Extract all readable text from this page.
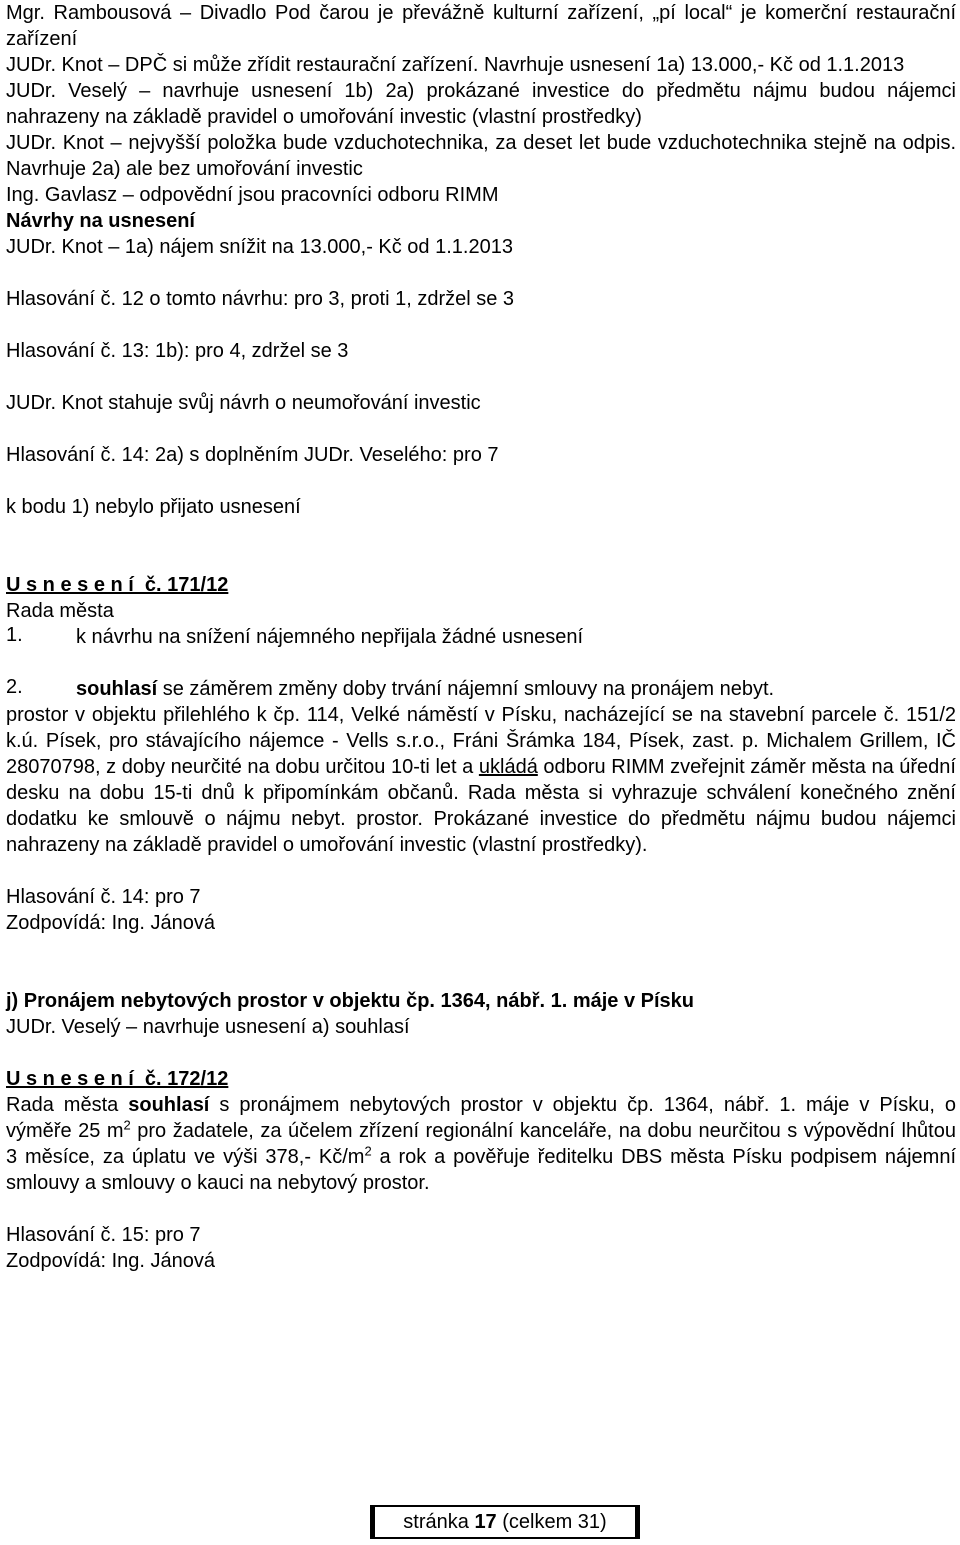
Mgr. Rambousová – Divadlo Pod čarou je převážně kulturní zařízení, „pí local“ je komerční restaurační zařízení

JUDr. Knot – DPČ si může zřídit restaurační zařízení. Navrhuje usnesení 1a) 13.000,- Kč od 1.1.2013

JUDr. Veselý – navrhuje usnesení 1b) 2a) prokázané investice do předmětu nájmu budou nájemci nahrazeny na základě pravidel o umořování investic (vlastní prostředky)

JUDr. Knot – nejvyšší položka bude vzduchotechnika, za deset let bude vzduchotechnika stejně na odpis. Navrhuje 2a) ale bez umořování investic

Ing. Gavlasz – odpovědní jsou pracovníci odboru RIMM

Návrhy na usnesení

JUDr. Knot – 1a) nájem snížit na 13.000,- Kč od 1.1.2013

Hlasování č. 12 o tomto návrhu: pro 3, proti 1, zdržel se 3

Hlasování č. 13: 1b): pro 4, zdržel se 3

JUDr. Knot stahuje svůj návrh o neumořování investic

Hlasování č. 14: 2a) s doplněním JUDr. Veselého: pro 7

k bodu 1) nebylo přijato usnesení

U s n e s e n í  č. 171/12

Rada města

1.	k návrhu na snížení nájemného nepřijala žádné usnesení
2.	souhlasí se záměrem změny doby trvání nájemní smlouvy na pronájem nebyt.

prostor v objektu přilehlého k čp. 114, Velké náměstí v Písku, nacházející se na stavební parcele č. 151/2 k.ú. Písek, pro stávajícího nájemce - Vells s.r.o., Fráni Šrámka 184, Písek, zast. p. Michalem Grillem, IČ 28070798, z doby neurčité na dobu určitou 10-ti let a ukládá odboru RIMM zveřejnit záměr města na úřední desku na dobu 15-ti dnů k připomínkám občanů. Rada města si vyhrazuje schválení konečného znění dodatku ke smlouvě o nájmu nebyt. prostor. Prokázané investice do předmětu nájmu budou nájemci nahrazeny na základě pravidel o umořování investic (vlastní prostředky).

Hlasování č. 14: pro 7

Zodpovídá: Ing. Jánová

j) Pronájem nebytových prostor v objektu čp. 1364, nábř. 1. máje v Písku

JUDr. Veselý – navrhuje usnesení a) souhlasí

U s n e s e n í  č. 172/12

Rada města souhlasí s pronájmem nebytových prostor v objektu čp. 1364, nábř. 1. máje v Písku, o výměře 25 $m^2$ pro žadatele, za účelem zřízení regionální kanceláře, na dobu neurčitou s výpovědní lhůtou 3 měsíce, za úplatu ve výši 378,- $Kč/m^2$ a rok a pověřuje ředitelku DBS města Písku podpisem nájemní smlouvy a smlouvy o kauci na nebytový prostor.

Hlasování č. 15: pro 7

Zodpovídá: Ing. Jánová

stránka 17 (celkem 31)
